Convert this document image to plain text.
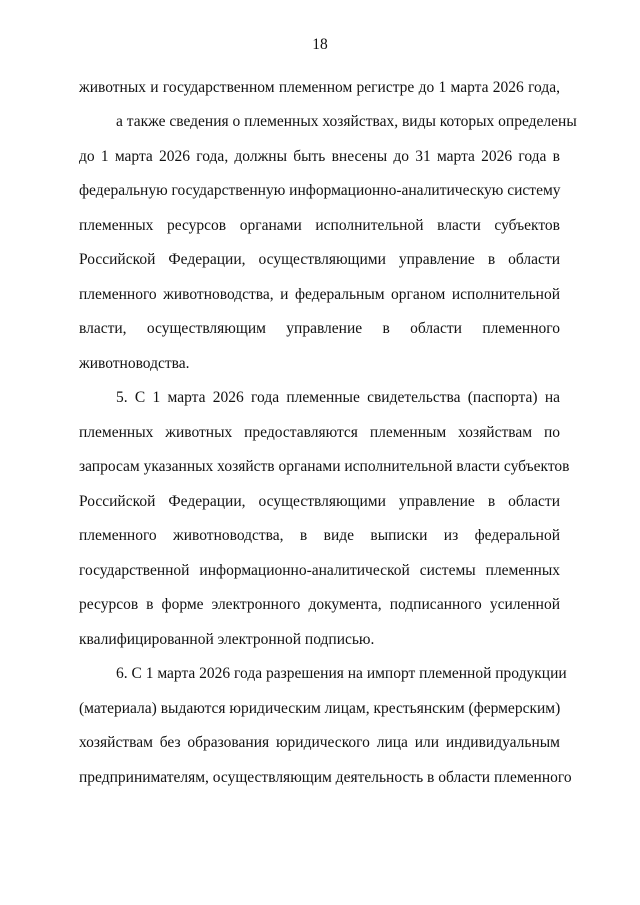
18
животных и государственном племенном регистре до 1 марта 2026 года,
а также сведения о племенных хозяйствах, виды которых определены
до 1 марта 2026 года, должны быть внесены до 31 марта 2026 года в
федеральную государственную информационно-аналитическую систему
племенных ресурсов органами исполнительной власти субъектов
Российской Федерации, осуществляющими управление в области
племенного животноводства, и федеральным органом исполнительной
власти, осуществляющим управление в области племенного
животноводства.
5. С 1 марта 2026 года племенные свидетельства (паспорта) на
племенных животных предоставляются племенным хозяйствам по
запросам указанных хозяйств органами исполнительной власти субъектов
Российской Федерации, осуществляющими управление в области
племенного животноводства, в виде выписки из федеральной
государственной информационно-аналитической системы племенных
ресурсов в форме электронного документа, подписанного усиленной
квалифицированной электронной подписью.
6. С 1 марта 2026 года разрешения на импорт племенной продукции
(материала) выдаются юридическим лицам, крестьянским (фермерским)
хозяйствам без образования юридического лица или индивидуальным
предпринимателям, осуществляющим деятельность в области племенного
